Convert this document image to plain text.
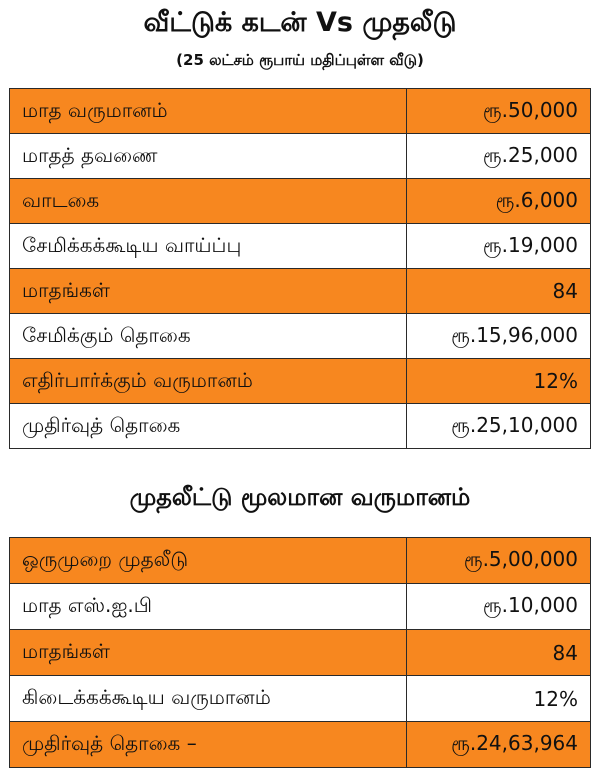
வீட்டுக் கடன் Vs முதலீடு
(25 லட்சம் ரூபாய் மதிப்புள்ள வீடு)
மாத வருமானம்	ரூ.50,000
மாதத் தவணை	ரூ.25,000
வாடகை	ரூ.6,000
சேமிக்கக்கூடிய வாய்ப்பு	ரூ.19,000
மாதங்கள்	84
சேமிக்கும் தொகை	ரூ.15,96,000
எதிர்பார்க்கும் வருமானம்	12%
முதிர்வுத் தொகை	ரூ.25,10,000
முதலீட்டு மூலமான வருமானம்
ஒருமுறை முதலீடு	ரூ.5,00,000
மாத எஸ்.ஐ.பி	ரூ.10,000
மாதங்கள்	84
கிடைக்கக்கூடிய வருமானம்	12%
முதிர்வுத் தொகை –	ரூ.24,63,964
